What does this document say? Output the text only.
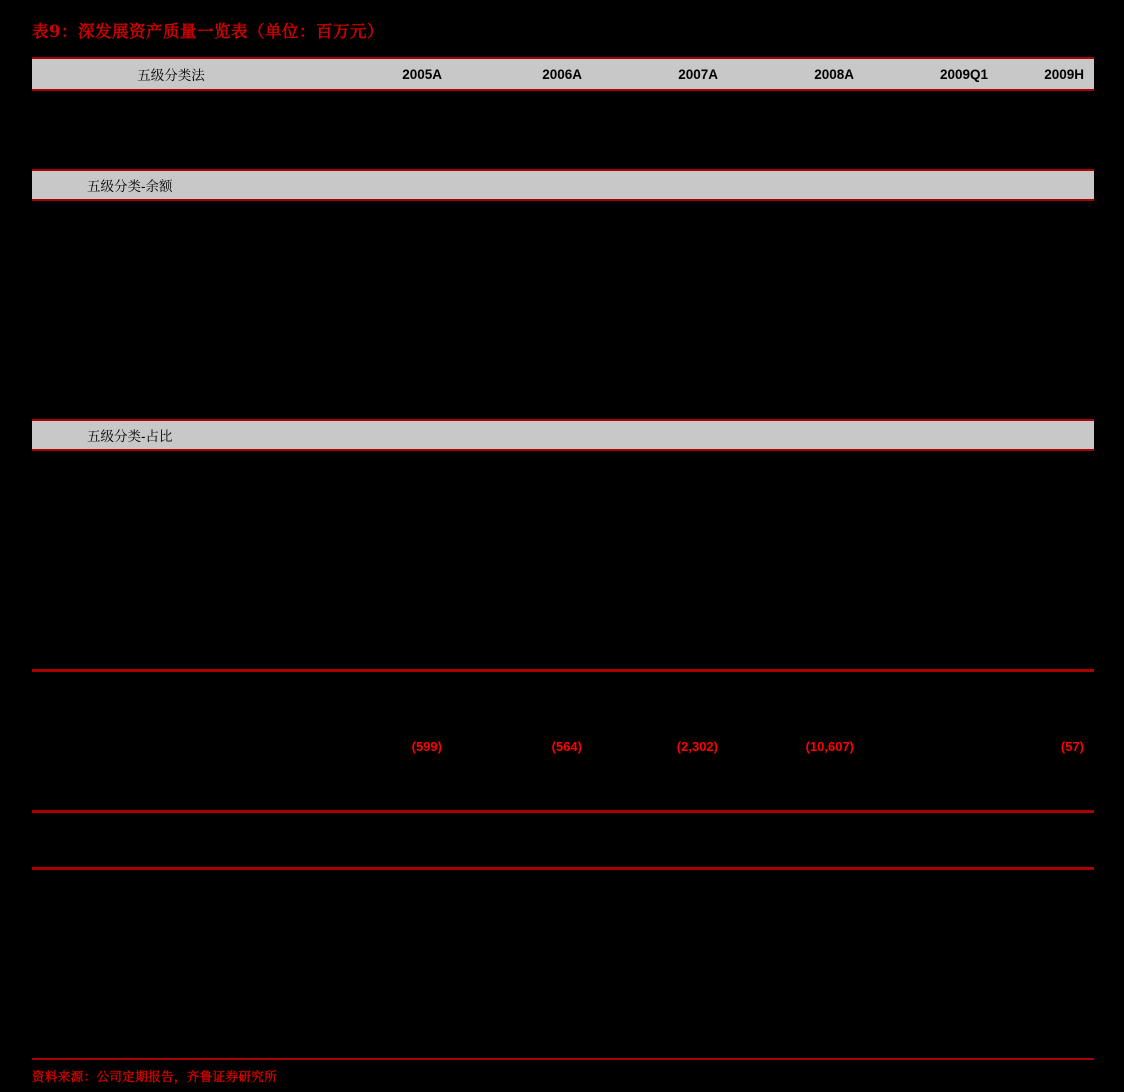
表9：深发展资产质量一览表（单位：百万元）
五级分类法	2005A	2006A	2007A	2008A	2009Q1	2009H

五级分类-余额						

五级分类-占比						

	(599)	(564)	(2,302)	(10,607)		(57)

资料来源：公司定期报告，齐鲁证券研究所
